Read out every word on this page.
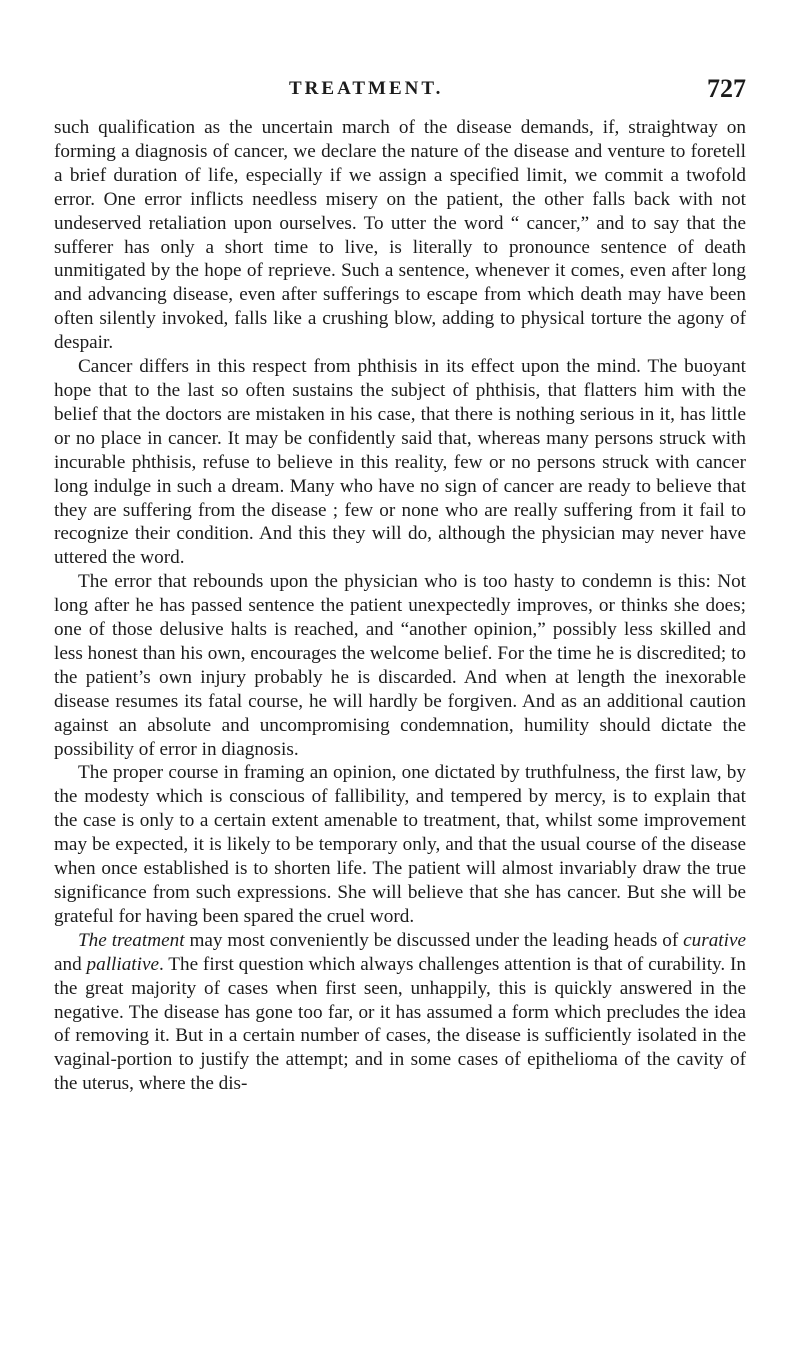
TREATMENT.	727

such qualification as the uncertain march of the disease demands, if, straightway on forming a diagnosis of cancer, we declare the nature of the disease and venture to foretell a brief duration of life, especially if we assign a specified limit, we commit a twofold error. One error inflicts needless misery on the patient, the other falls back with not undeserved retaliation upon ourselves. To utter the word “ cancer,” and to say that the sufferer has only a short time to live, is literally to pronounce sentence of death unmitigated by the hope of reprieve. Such a sentence, whenever it comes, even after long and advancing disease, even after sufferings to escape from which death may have been often silently invoked, falls like a crushing blow, adding to physical torture the agony of despair.

Cancer differs in this respect from phthisis in its effect upon the mind. The buoyant hope that to the last so often sustains the subject of phthisis, that flatters him with the belief that the doctors are mistaken in his case, that there is nothing serious in it, has little or no place in cancer. It may be confidently said that, whereas many persons struck with incurable phthisis, refuse to believe in this reality, few or no persons struck with cancer long indulge in such a dream. Many who have no sign of cancer are ready to believe that they are suffering from the disease ; few or none who are really suffering from it fail to recognize their condition. And this they will do, although the physician may never have uttered the word.

The error that rebounds upon the physician who is too hasty to condemn is this: Not long after he has passed sentence the patient unexpectedly improves, or thinks she does; one of those delusive halts is reached, and “another opinion,” possibly less skilled and less honest than his own, encourages the welcome belief. For the time he is discredited; to the patient’s own injury probably he is discarded. And when at length the inexorable disease resumes its fatal course, he will hardly be forgiven. And as an additional caution against an absolute and uncompromising condemnation, humility should dictate the possibility of error in diagnosis.

The proper course in framing an opinion, one dictated by truthfulness, the first law, by the modesty which is conscious of fallibility, and tempered by mercy, is to explain that the case is only to a certain extent amenable to treatment, that, whilst some improvement may be expected, it is likely to be temporary only, and that the usual course of the disease when once established is to shorten life. The patient will almost invariably draw the true significance from such expressions. She will believe that she has cancer. But she will be grateful for having been spared the cruel word.

The treatment may most conveniently be discussed under the leading heads of curative and palliative. The first question which always challenges attention is that of curability. In the great majority of cases when first seen, unhappily, this is quickly answered in the negative. The disease has gone too far, or it has assumed a form which precludes the idea of removing it. But in a certain number of cases, the disease is sufficiently isolated in the vaginal-portion to justify the attempt; and in some cases of epithelioma of the cavity of the uterus, where the dis-
